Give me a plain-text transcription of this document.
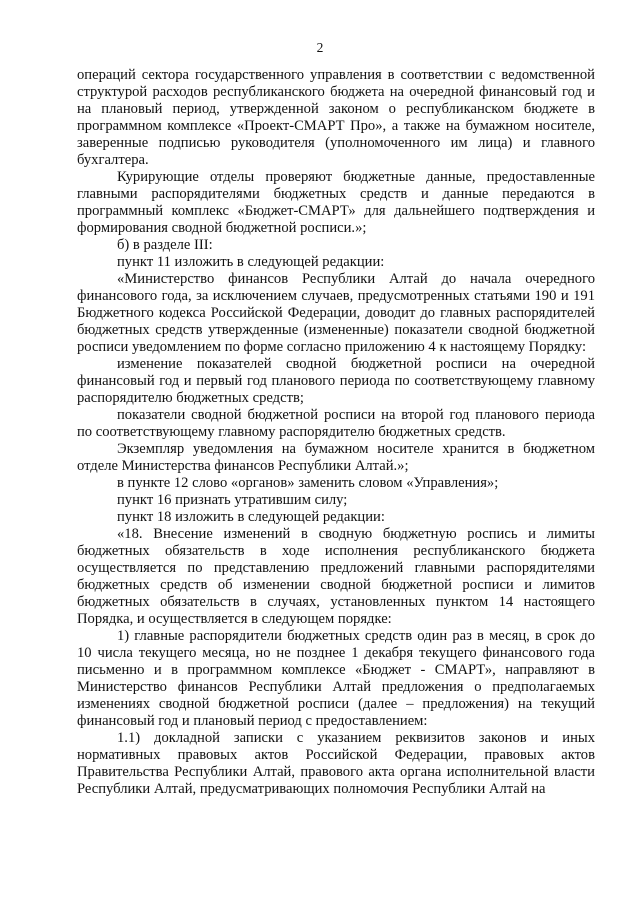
2

операций сектора государственного управления в соответствии с ведомственной структурой расходов республиканского бюджета на очередной финансовый год и на плановый период, утвержденной законом о республиканском бюджете в программном комплексе «Проект-СМАРТ Про», а также на бумажном носителе, заверенные подписью руководителя (уполномоченного им лица) и главного бухгалтера.

Курирующие отделы проверяют бюджетные данные, предоставленные главными распорядителями бюджетных средств и данные передаются в программный комплекс «Бюджет-СМАРТ» для дальнейшего подтверждения и формирования сводной бюджетной росписи.»;

б) в разделе III:

пункт 11 изложить в следующей редакции:

«Министерство финансов Республики Алтай до начала очередного финансового года, за исключением случаев, предусмотренных статьями 190 и 191 Бюджетного кодекса Российской Федерации, доводит до главных распорядителей бюджетных средств утвержденные (измененные) показатели сводной бюджетной росписи уведомлением по форме согласно приложению 4 к настоящему Порядку:

изменение показателей сводной бюджетной росписи на очередной финансовый год и первый год планового периода по соответствующему главному распорядителю бюджетных средств;

показатели сводной бюджетной росписи на второй год планового периода по соответствующему главному распорядителю бюджетных средств.

Экземпляр уведомления на бумажном носителе хранится в бюджетном отделе Министерства финансов Республики Алтай.»;

в пункте 12 слово «органов» заменить словом «Управления»;

пункт 16 признать утратившим силу;

пункт 18 изложить в следующей редакции:

«18. Внесение изменений в сводную бюджетную роспись и лимиты бюджетных обязательств в ходе исполнения республиканского бюджета осуществляется по представлению предложений главными распорядителями бюджетных средств об изменении сводной бюджетной росписи и лимитов бюджетных обязательств в случаях, установленных пунктом 14 настоящего Порядка, и осуществляется в следующем порядке:

1) главные распорядители бюджетных средств один раз в месяц, в срок до 10 числа текущего месяца, но не позднее 1 декабря текущего финансового года письменно и в программном комплексе «Бюджет - СМАРТ», направляют в Министерство финансов Республики Алтай предложения о предполагаемых изменениях сводной бюджетной росписи (далее – предложения) на текущий финансовый год и плановый период с предоставлением:

1.1) докладной записки с указанием реквизитов законов и иных нормативных правовых актов Российской Федерации, правовых актов Правительства Республики Алтай, правового акта органа исполнительной власти Республики Алтай, предусматривающих полномочия Республики Алтай на
